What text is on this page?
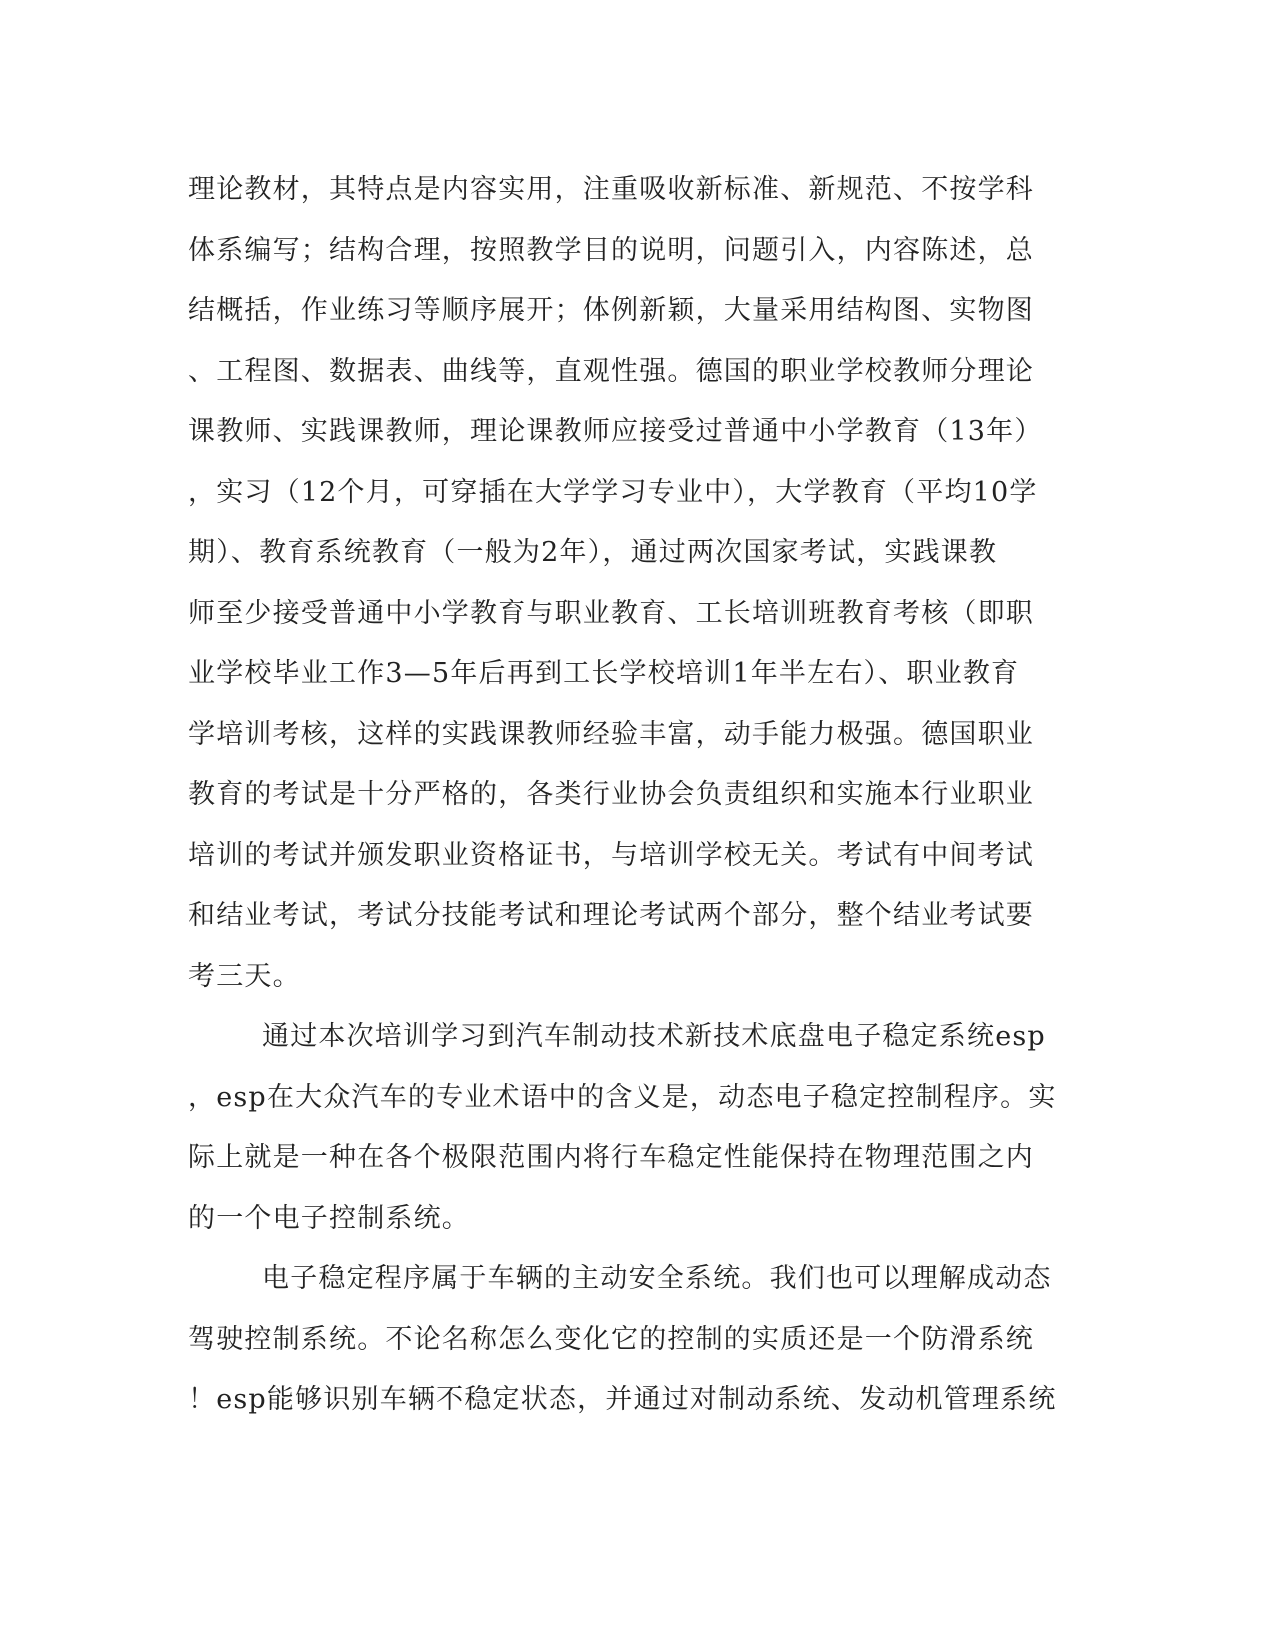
理论教材，其特点是内容实用，注重吸收新标准、新规范、不按学科
体系编写；结构合理，按照教学目的说明，问题引入，内容陈述，总
结概括，作业练习等顺序展开；体例新颖，大量采用结构图、实物图
、工程图、数据表、曲线等，直观性强。德国的职业学校教师分理论
课教师、实践课教师，理论课教师应接受过普通中小学教育（13年）
，实习（12个月，可穿插在大学学习专业中），大学教育（平均10学
期）、教育系统教育（一般为2年），通过两次国家考试，实践课教
师至少接受普通中小学教育与职业教育、工长培训班教育考核（即职
业学校毕业工作3—5年后再到工长学校培训1年半左右）、职业教育
学培训考核，这样的实践课教师经验丰富，动手能力极强。德国职业
教育的考试是十分严格的，各类行业协会负责组织和实施本行业职业
培训的考试并颁发职业资格证书，与培训学校无关。考试有中间考试
和结业考试，考试分技能考试和理论考试两个部分，整个结业考试要
考三天。
通过本次培训学习到汽车制动技术新技术底盘电子稳定系统esp
，esp在大众汽车的专业术语中的含义是，动态电子稳定控制程序。实
际上就是一种在各个极限范围内将行车稳定性能保持在物理范围之内
的一个电子控制系统。
电子稳定程序属于车辆的主动安全系统。我们也可以理解成动态
驾驶控制系统。不论名称怎么变化它的控制的实质还是一个防滑系统
！esp能够识别车辆不稳定状态，并通过对制动系统、发动机管理系统
